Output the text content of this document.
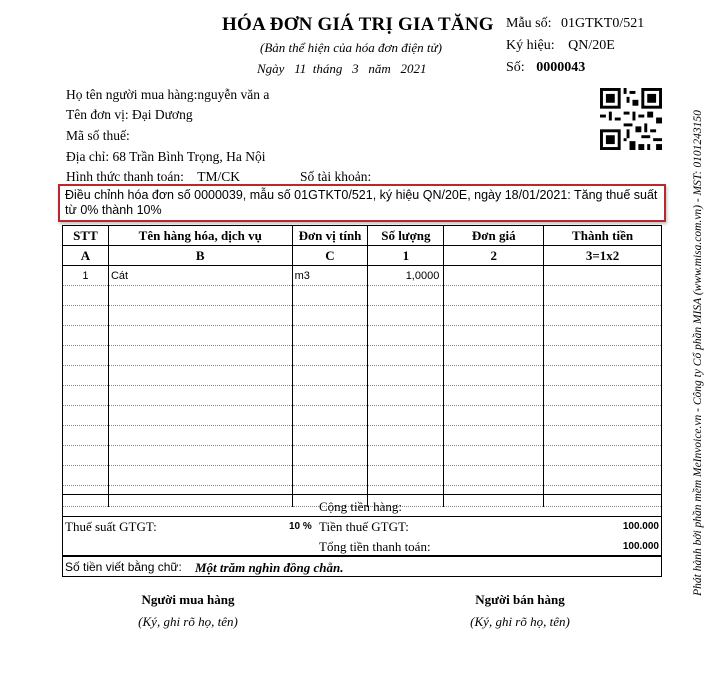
HÓA ĐƠN GIÁ TRỊ GIA TĂNG
(Bản thể hiện của hóa đơn điện tử)
Ngày   11  tháng   3   năm   2021
Mẫu số: 01GTKT0/521
Ký hiệu: QN/20E
Số: 0000043
Phát hành bởi phần mềm MeInvoice.vn - Công ty Cổ phần MISA (www.misa.com.vn) - MST: 0101243150
Họ tên người mua hàng:nguyễn văn a
Tên đơn vị: Đại Dương
Mã số thuế:
Địa chỉ: 68 Trần Bình Trọng, Ha Nội
Hình thức thanh toán: TM/CK	Số tài khoản:
Điều chỉnh hóa đơn số 0000039, mẫu số 01GTKT0/521, ký hiệu QN/20E, ngày 18/01/2021: Tăng thuế suất từ 0% thành 10%
STT	Tên hàng hóa, dịch vụ	Đơn vị tính	Số lượng	Đơn giá	Thành tiền
A	B	C	1	2	3=1x2
1	Cát	m3	1,0000		

Cộng tiền hàng:
Thuế suất GTGT:	10 % Tiền thuế GTGT:	100.000
Tổng tiền thanh toán:	100.000
Số tiền viết bằng chữ: Một trăm nghìn đồng chẵn.
Người mua hàng
(Ký, ghi rõ họ, tên)
Người bán hàng
(Ký, ghi rõ họ, tên)
